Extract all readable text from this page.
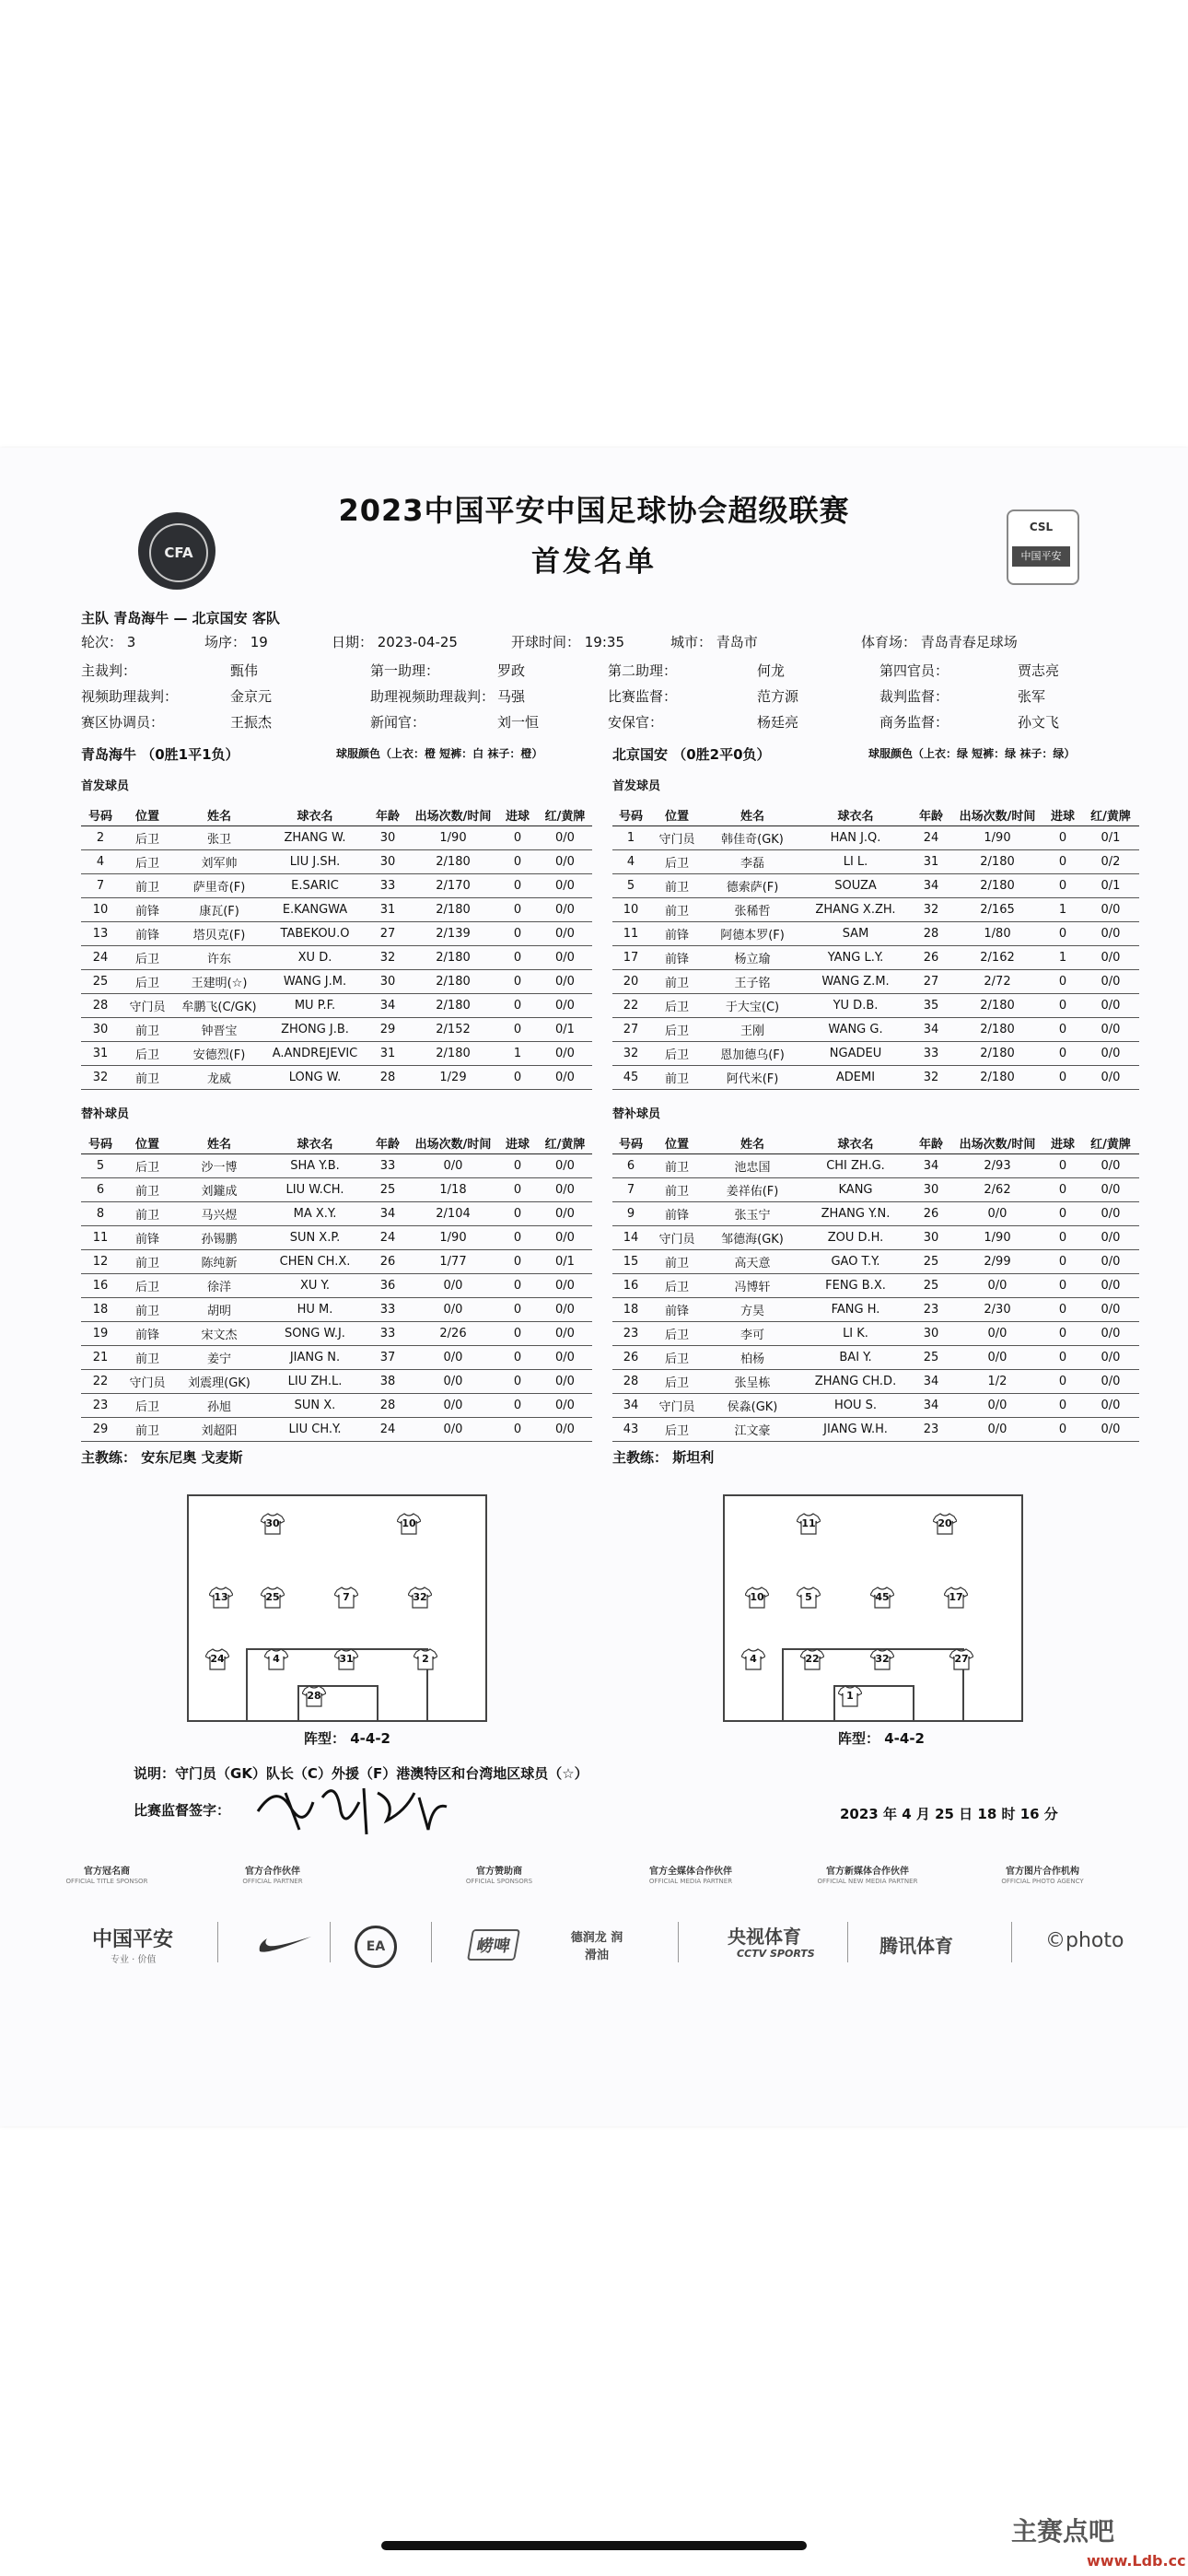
CFA
CSL
中国平安
2023中国平安中国足球协会超级联赛
首发名单
主队 青岛海牛 — 北京国安 客队
轮次： 3	场序： 19	日期： 2023-04-25	开球时间： 19:35	城市： 青岛市	体育场： 青岛青春足球场
主裁判：	甄伟	第一助理：	罗政	第二助理：	何龙	第四官员：	贾志亮
视频助理裁判：	金京元	助理视频助理裁判： 马强	比赛监督：	范方源	裁判监督：	张军
赛区协调员：	王振杰	新闻官：	刘一恒	安保官：	杨廷亮	商务监督：	孙文飞
青岛海牛 （0胜1平1负）	球服颜色（上衣：橙 短裤：白 袜子：橙）	北京国安 （0胜2平0负）	球服颜色（上衣：绿 短裤：绿 袜子：绿）
首发球员	首发球员
号码	位置	姓名	球衣名	年龄	出场次数/时间	进球	红/黄牌
2	后卫	张卫	ZHANG W.	30	1/90	0	0/0
4	后卫	刘军帅	LIU J.SH.	30	2/180	0	0/0
7	前卫	萨里奇(F)	E.SARIC	33	2/170	0	0/0
10	前锋	康瓦(F)	E.KANGWA	31	2/180	0	0/0
13	前锋	塔贝克(F)	TABEKOU.O	27	2/139	0	0/0
24	后卫	许东	XU D.	32	2/180	0	0/0
25	后卫	王建明(☆)	WANG J.M.	30	2/180	0	0/0
28	守门员	牟鹏飞(C/GK)	MU P.F.	34	2/180	0	0/0
30	前卫	钟晋宝	ZHONG J.B.	29	2/152	0	0/1
31	后卫	安德烈(F)	A.ANDREJEVIC	31	2/180	1	0/0
32	前卫	龙威	LONG W.	28	1/29	0	0/0
号码	位置	姓名	球衣名	年龄	出场次数/时间	进球	红/黄牌
1	守门员	韩佳奇(GK)	HAN J.Q.	24	1/90	0	0/1
4	后卫	李磊	LI L.	31	2/180	0	0/2
5	前卫	德索萨(F)	SOUZA	34	2/180	0	0/1
10	前卫	张稀哲	ZHANG X.ZH.	32	2/165	1	0/0
11	前锋	阿德本罗(F)	SAM	28	1/80	0	0/0
17	前锋	杨立瑜	YANG L.Y.	26	2/162	1	0/0
20	前卫	王子铭	WANG Z.M.	27	2/72	0	0/0
22	后卫	于大宝(C)	YU D.B.	35	2/180	0	0/0
27	后卫	王刚	WANG G.	34	2/180	0	0/0
32	后卫	恩加德乌(F)	NGADEU	33	2/180	0	0/0
45	前卫	阿代米(F)	ADEMI	32	2/180	0	0/0
替补球员	替补球员
号码	位置	姓名	球衣名	年龄	出场次数/时间	进球	红/黄牌
5	后卫	沙一博	SHA Y.B.	33	0/0	0	0/0
6	前卫	刘鑨成	LIU W.CH.	25	1/18	0	0/0
8	前卫	马兴煜	MA X.Y.	34	2/104	0	0/0
11	前锋	孙锡鹏	SUN X.P.	24	1/90	0	0/0
12	前卫	陈纯新	CHEN CH.X.	26	1/77	0	0/1
16	后卫	徐洋	XU Y.	36	0/0	0	0/0
18	前卫	胡明	HU M.	33	0/0	0	0/0
19	前锋	宋文杰	SONG W.J.	33	2/26	0	0/0
21	前卫	姜宁	JIANG N.	37	0/0	0	0/0
22	守门员	刘震理(GK)	LIU ZH.L.	38	0/0	0	0/0
23	后卫	孙旭	SUN X.	28	0/0	0	0/0
29	前卫	刘超阳	LIU CH.Y.	24	0/0	0	0/0
号码	位置	姓名	球衣名	年龄	出场次数/时间	进球	红/黄牌
6	前卫	池忠国	CHI ZH.G.	34	2/93	0	0/0
7	前卫	姜祥佑(F)	KANG	30	2/62	0	0/0
9	前锋	张玉宁	ZHANG Y.N.	26	0/0	0	0/0
14	守门员	邹德海(GK)	ZOU D.H.	30	1/90	0	0/0
15	前卫	高天意	GAO T.Y.	25	2/99	0	0/0
16	后卫	冯博轩	FENG B.X.	25	0/0	0	0/0
18	前锋	方昊	FANG H.	23	2/30	0	0/0
23	后卫	李可	LI K.	30	0/0	0	0/0
26	后卫	柏杨	BAI Y.	25	0/0	0	0/0
28	后卫	张呈栋	ZHANG CH.D.	34	1/2	0	0/0
34	守门员	侯淼(GK)	HOU S.	34	0/0	0	0/0
43	后卫	江文豪	JIANG W.H.	23	0/0	0	0/0
主教练： 安东尼奥 戈麦斯	主教练： 斯坦利
30	10
13	25	7	32
24	4	31	2
28
11	20
10	5	45	17
4	22	32	27
1
阵型： 4-4-2	阵型： 4-4-2
说明：守门员（GK）队长（C）外援（F）港澳特区和台湾地区球员（☆）
比赛监督签字：	2023 年 4 月 25 日 18 时 16 分
官方冠名商
OFFICIAL TITLE SPONSOR
官方合作伙伴
OFFICIAL PARTNER
官方赞助商
OFFICIAL SPONSORS
官方全媒体合作伙伴
OFFICIAL MEDIA PARTNER
官方新媒体合作伙伴
OFFICIAL NEW MEDIA PARTNER
官方图片合作机构
OFFICIAL PHOTO AGENCY
中国平安
专业 · 价值
EA	崂啤	德润龙 润滑油
央视体育
CCTV SPORTS	腾讯体育	©photo
主赛点吧
www.Ldb.cc
